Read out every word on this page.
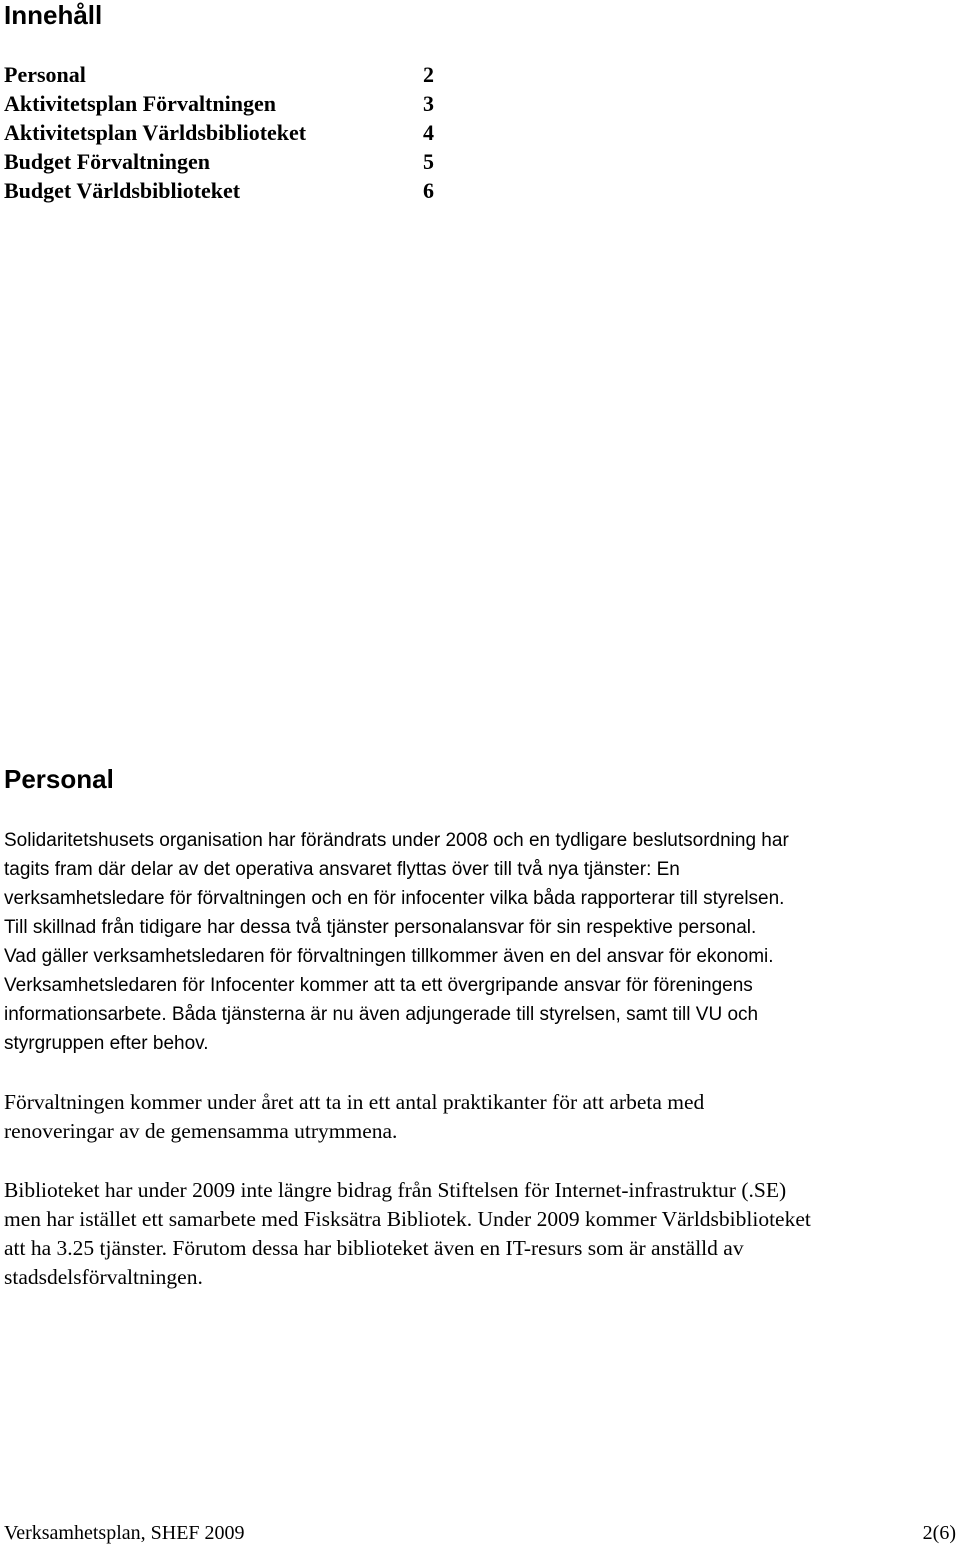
Innehåll
Personal	2
Aktivitetsplan Förvaltningen	3
Aktivitetsplan Världsbiblioteket	4
Budget Förvaltningen	5
Budget Världsbiblioteket	6
Personal
Solidaritetshusets organisation har förändrats under 2008 och en tydligare beslutsordning har
tagits fram där delar av det operativa ansvaret flyttas över till två nya tjänster: En
verksamhetsledare för förvaltningen och en för infocenter vilka båda rapporterar till styrelsen.
Till skillnad från tidigare har dessa två tjänster personalansvar för sin respektive personal.
Vad gäller verksamhetsledaren för förvaltningen tillkommer även en del ansvar för ekonomi.
Verksamhetsledaren för Infocenter kommer att ta ett övergripande ansvar för föreningens
informationsarbete. Båda tjänsterna är nu även adjungerade till styrelsen, samt till VU och
styrgruppen efter behov.
Förvaltningen kommer under året att ta in ett antal praktikanter för att arbeta med
renoveringar av de gemensamma utrymmena.
Biblioteket har under 2009 inte längre bidrag från Stiftelsen för Internet-infrastruktur (.SE)
men har istället ett samarbete med Fisksätra Bibliotek. Under 2009 kommer Världsbiblioteket
att ha 3.25 tjänster. Förutom dessa har biblioteket även en IT-resurs som är anställd av
stadsdelsförvaltningen.
Verksamhetsplan, SHEF 2009	2(6)
